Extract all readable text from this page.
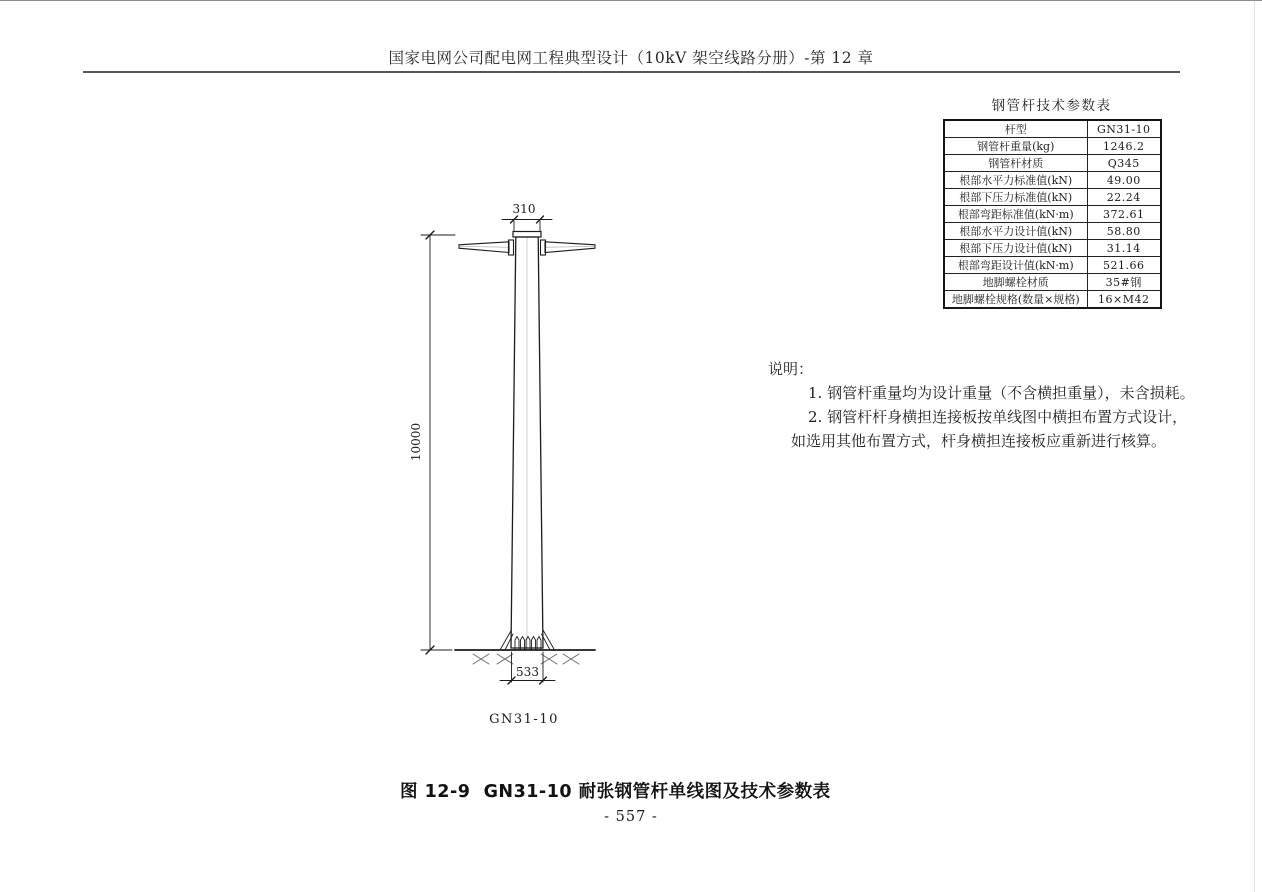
国家电网公司配电网工程典型设计（10kV 架空线路分册）-第 12 章
钢管杆技术参数表
杆型	GN31-10
钢管杆重量(kg)	1246.2
钢管杆材质	Q345
根部水平力标准值(kN)	49.00
根部下压力标准值(kN)	22.24
根部弯距标准值(kN·m)	372.61
根部水平力设计值(kN)	58.80
根部下压力设计值(kN)	31.14
根部弯距设计值(kN·m)	521.66
地脚螺栓材质	35#钢
地脚螺栓规格(数量×规格)	16×M42
说明：
1. 钢管杆重量均为设计重量（不含横担重量），未含损耗。
2. 钢管杆杆身横担连接板按单线图中横担布置方式设计，
如选用其他布置方式，杆身横担连接板应重新进行核算。
10000
310
533
GN31-10
图 12-9  GN31-10 耐张钢管杆单线图及技术参数表
- 557 -
